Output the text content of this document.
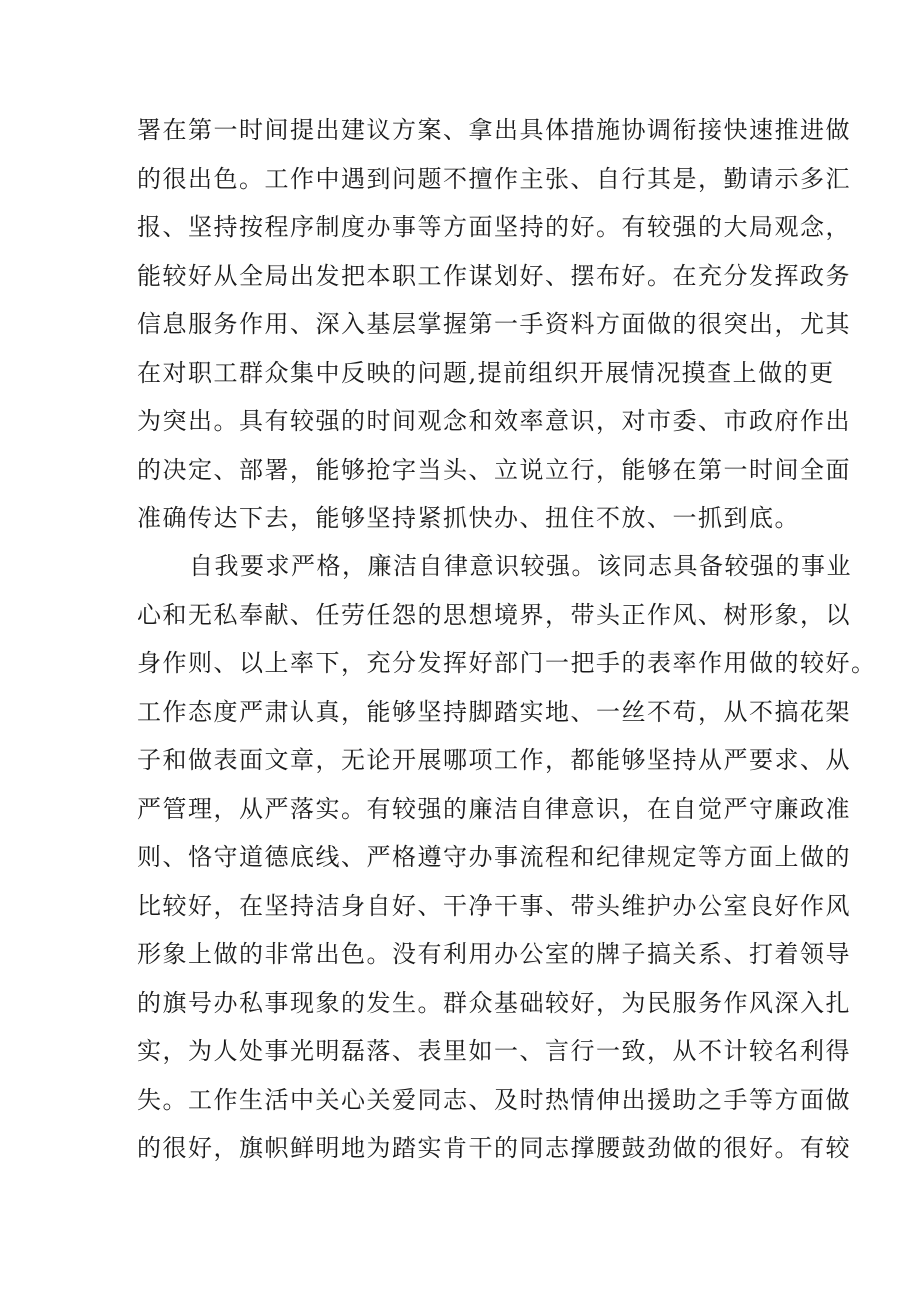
署在第一时间提出建议方案、拿出具体措施协调衔接快速推进做
的很出色。工作中遇到问题不擅作主张、自行其是，勤请示多汇
报、坚持按程序制度办事等方面坚持的好。有较强的大局观念，
能较好从全局出发把本职工作谋划好、摆布好。在充分发挥政务
信息服务作用、深入基层掌握第一手资料方面做的很突出，尤其
在对职工群众集中反映的问题,提前组织开展情况摸查上做的更
为突出。具有较强的时间观念和效率意识，对市委、市政府作出
的决定、部署，能够抢字当头、立说立行，能够在第一时间全面
准确传达下去，能够坚持紧抓快办、扭住不放、一抓到底。
自我要求严格，廉洁自律意识较强。该同志具备较强的事业
心和无私奉献、任劳任怨的思想境界，带头正作风、树形象，以
身作则、以上率下，充分发挥好部门一把手的表率作用做的较好。
工作态度严肃认真，能够坚持脚踏实地、一丝不苟，从不搞花架
子和做表面文章，无论开展哪项工作，都能够坚持从严要求、从
严管理，从严落实。有较强的廉洁自律意识，在自觉严守廉政准
则、恪守道德底线、严格遵守办事流程和纪律规定等方面上做的
比较好，在坚持洁身自好、干净干事、带头维护办公室良好作风
形象上做的非常出色。没有利用办公室的牌子搞关系、打着领导
的旗号办私事现象的发生。群众基础较好，为民服务作风深入扎
实，为人处事光明磊落、表里如一、言行一致，从不计较名利得
失。工作生活中关心关爱同志、及时热情伸出援助之手等方面做
的很好，旗帜鲜明地为踏实肯干的同志撑腰鼓劲做的很好。有较
